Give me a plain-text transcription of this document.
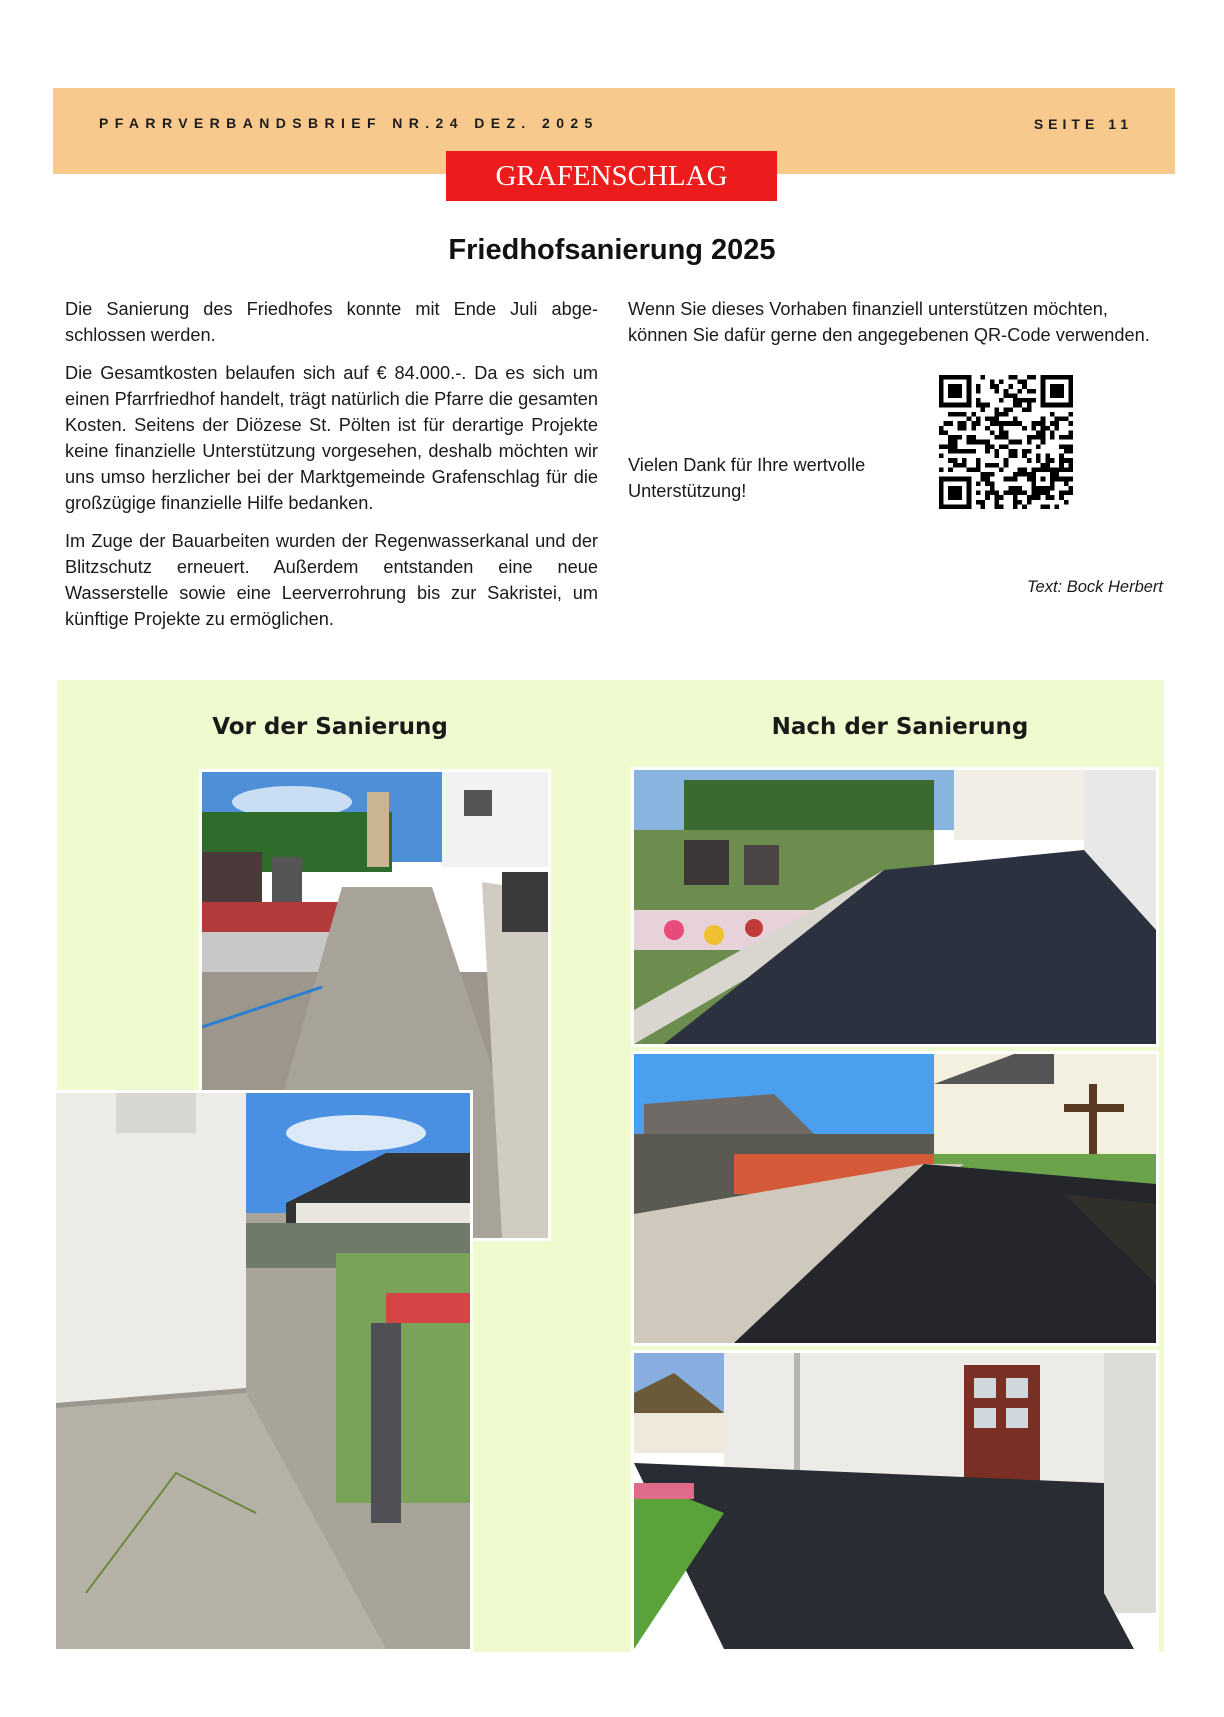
PFARRVERBANDSBRIEF NR.24 DEZ. 2025	SEITE 11
GRAFENSCHLAG
Friedhofsanierung 2025

Die Sanierung des Friedhofes konnte mit Ende Juli abgeschlossen werden.

Die Gesamtkosten belaufen sich auf € 84.000.-. Da es sich um einen Pfarrfriedhof handelt, trägt natürlich die Pfarre die gesamten Kosten. Seitens der Diözese St. Pölten ist für derartige Projekte keine finanzielle Unterstützung vorgesehen, deshalb möchten wir uns umso herzlicher bei der Marktgemeinde Grafenschlag für die großzügige finanzielle Hilfe bedanken.

Im Zuge der Bauarbeiten wurden der Regenwasserkanal und der Blitzschutz erneuert. Außerdem entstanden eine neue Wasserstelle sowie eine Leerverrohrung bis zur Sakristei, um künftige Projekte zu ermöglichen.

Wenn Sie dieses Vorhaben finanziell unterstützen möchten, können Sie dafür gerne den angegebenen QR-Code verwenden.
Vielen Dank für Ihre wertvolle Unterstützung!
Text: Bock Herbert
Vor der Sanierung	Nach der Sanierung
